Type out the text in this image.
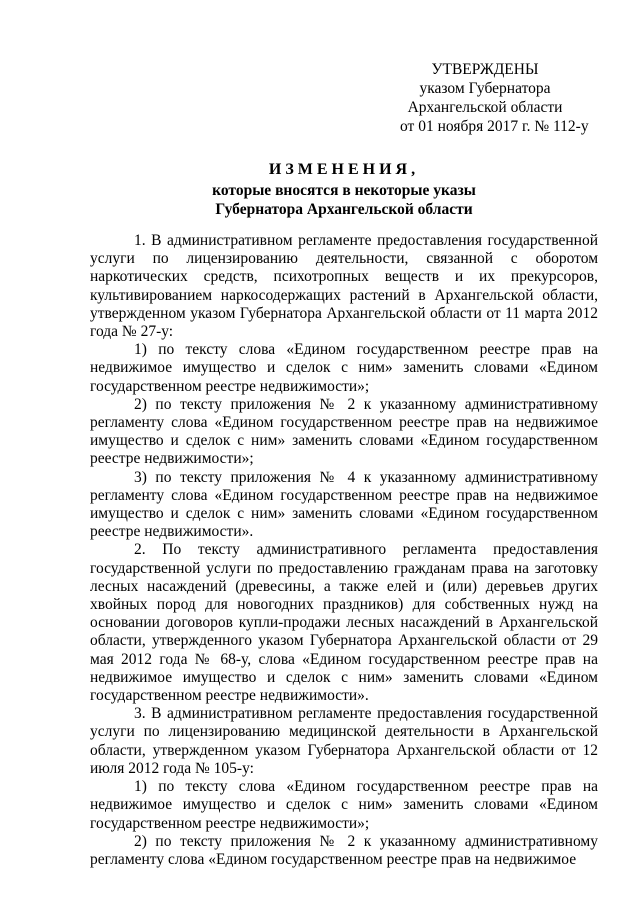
УТВЕРЖДЕНЫ
указом Губернатора
Архангельской области
от 01 ноября 2017 г. № 112-у
ИЗМЕНЕНИЯ,
которые вносятся в некоторые указы
Губернатора Архангельской области

1. В административном регламенте предоставления государственной услуги по лицензированию деятельности, связанной с оборотом наркотических средств, психотропных веществ и их прекурсоров, культивированием наркосодержащих растений в Архангельской области, утвержденном указом Губернатора Архангельской области от 11 марта 2012 года № 27-у:

1) по тексту слова «Едином государственном реестре прав на недвижимое имущество и сделок с ним» заменить словами «Едином государственном реестре недвижимости»;

2) по тексту приложения № 2 к указанному административному регламенту слова «Едином государственном реестре прав на недвижимое имущество и сделок с ним» заменить словами «Едином государственном реестре недвижимости»;

3) по тексту приложения № 4 к указанному административному регламенту слова «Едином государственном реестре прав на недвижимое имущество и сделок с ним» заменить словами «Едином государственном реестре недвижимости».

2. По тексту административного регламента предоставления государственной услуги по предоставлению гражданам права на заготовку лесных насаждений (древесины, а также елей и (или) деревьев других хвойных пород для новогодних праздников) для собственных нужд на основании договоров купли-продажи лесных насаждений в Архангельской области, утвержденного указом Губернатора Архангельской области от 29 мая 2012 года № 68-у, слова «Едином государственном реестре прав на недвижимое имущество и сделок с ним» заменить словами «Едином государственном реестре недвижимости».

3. В административном регламенте предоставления государственной услуги по лицензированию медицинской деятельности в Архангельской области, утвержденном указом Губернатора Архангельской области от 12 июля 2012 года № 105-у:

1) по тексту слова «Едином государственном реестре прав на недвижимое имущество и сделок с ним» заменить словами «Едином государственном реестре недвижимости»;

2) по тексту приложения № 2 к указанному административному регламенту слова «Едином государственном реестре прав на недвижимое
